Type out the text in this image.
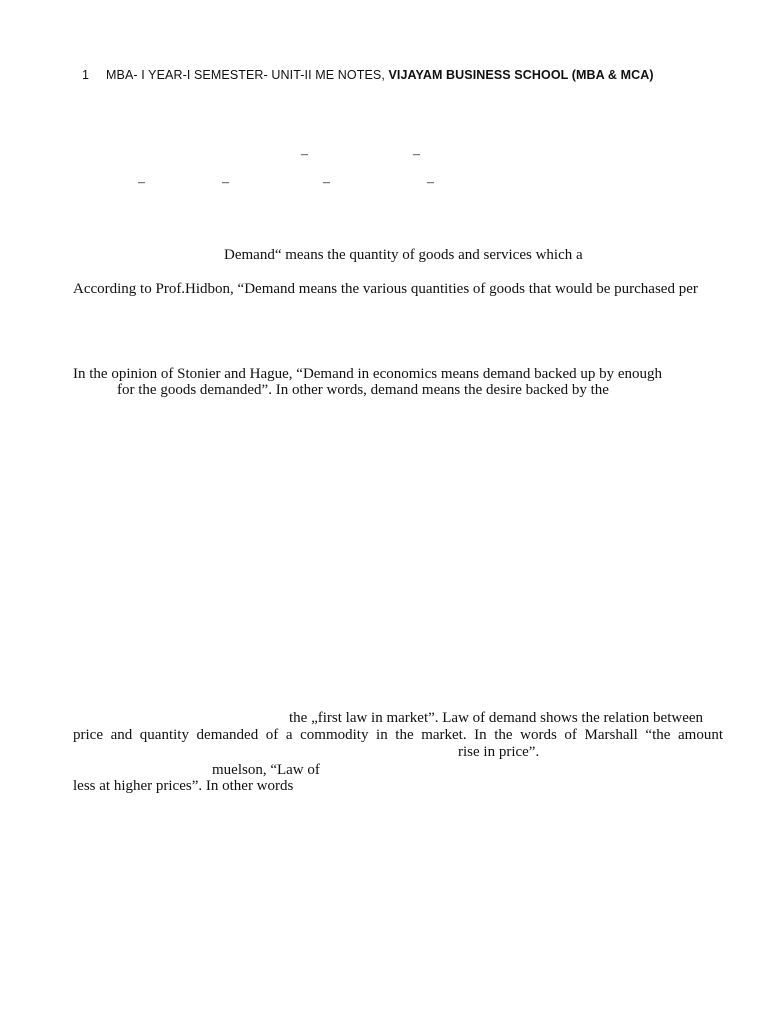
1 MBA- I YEAR-I SEMESTER- UNIT-II ME NOTES, VIJAYAM BUSINESS SCHOOL (MBA & MCA)
–	–
–	–	–	–
Demand“ means the quantity of goods and services which a
According to Prof.Hidbon, “Demand means the various quantities of goods that would be purchased per
In the opinion of Stonier and Hague, “Demand in economics means demand backed up by enough
for the goods demanded”. In other words, demand means the desire backed by the
the „first law in market”. Law of demand shows the relation between
price and quantity demanded of a commodity in the market. In the words of Marshall “the amount
rise in price”.
muelson, “Law of
less at higher prices”. In other words
